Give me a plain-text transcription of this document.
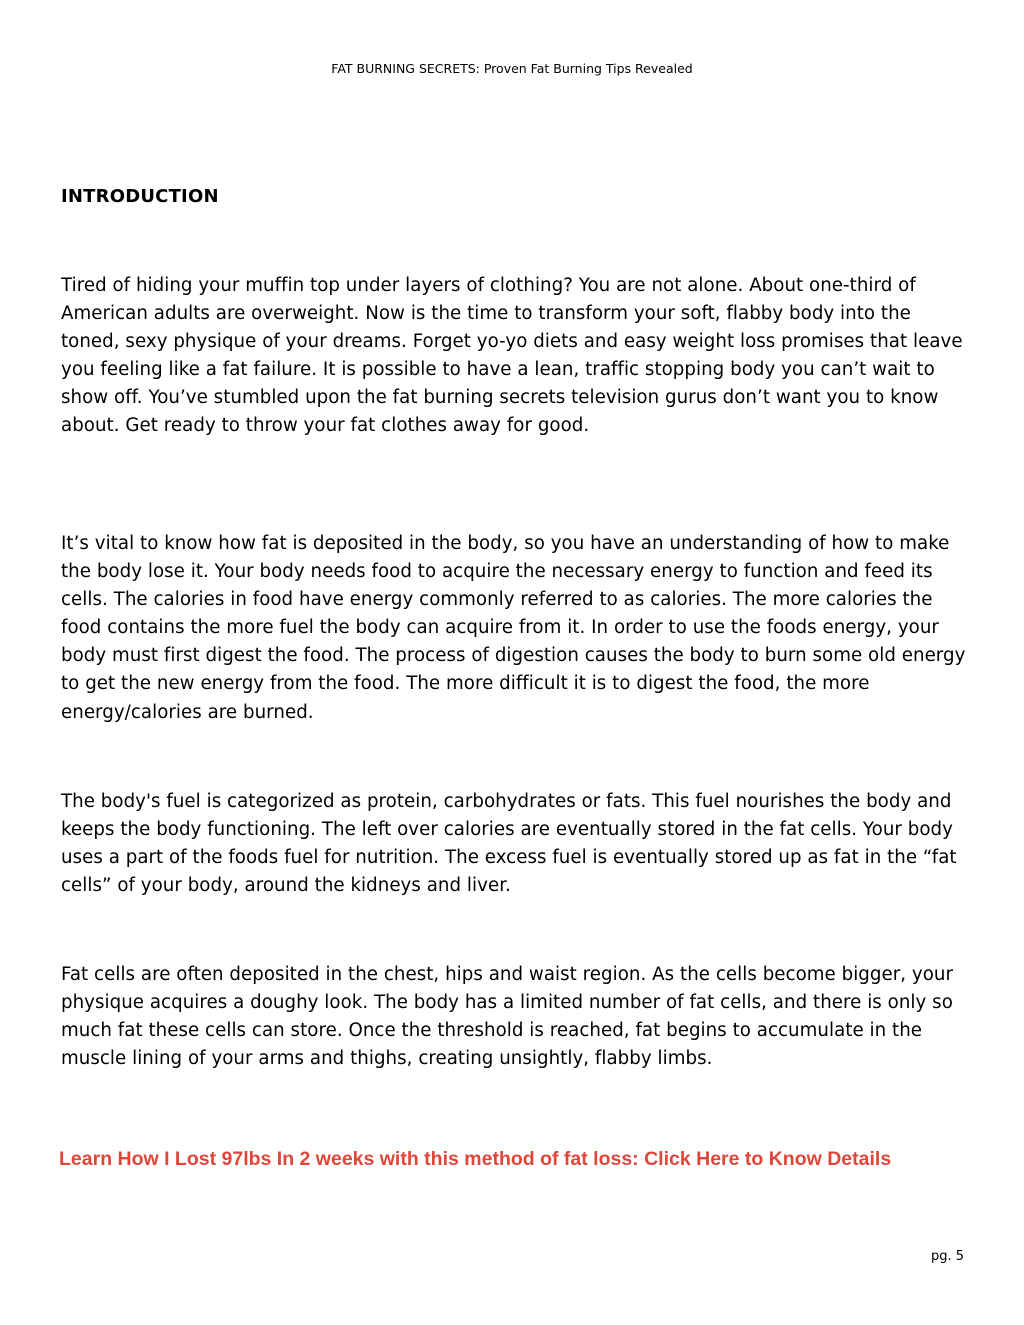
FAT BURNING SECRETS: Proven Fat Burning Tips Revealed
INTRODUCTION

Tired of hiding your muffin top under layers of clothing? You are not alone. About one-third of American adults are overweight. Now is the time to transform your soft, flabby body into the toned, sexy physique of your dreams. Forget yo-yo diets and easy weight loss promises that leave you feeling like a fat failure. It is possible to have a lean, traffic stopping body you can’t wait to show off. You’ve stumbled upon the fat burning secrets television gurus don’t want you to know about. Get ready to throw your fat clothes away for good.

It’s vital to know how fat is deposited in the body, so you have an understanding of how to make the body lose it. Your body needs food to acquire the necessary energy to function and feed its cells. The calories in food have energy commonly referred to as calories. The more calories the food contains the more fuel the body can acquire from it. In order to use the foods energy, your body must first digest the food. The process of digestion causes the body to burn some old energy to get the new energy from the food. The more difficult it is to digest the food, the more energy/calories are burned.

The body's fuel is categorized as protein, carbohydrates or fats. This fuel nourishes the body and keeps the body functioning. The left over calories are eventually stored in the fat cells. Your body uses a part of the foods fuel for nutrition. The excess fuel is eventually stored up as fat in the “fat cells” of your body, around the kidneys and liver.

Fat cells are often deposited in the chest, hips and waist region. As the cells become bigger, your physique acquires a doughy look. The body has a limited number of fat cells, and there is only so much fat these cells can store. Once the threshold is reached, fat begins to accumulate in the muscle lining of your arms and thighs, creating unsightly, flabby limbs.

Learn How I Lost 97lbs In 2 weeks with this method of fat loss: Click Here to Know Details
pg. 5
